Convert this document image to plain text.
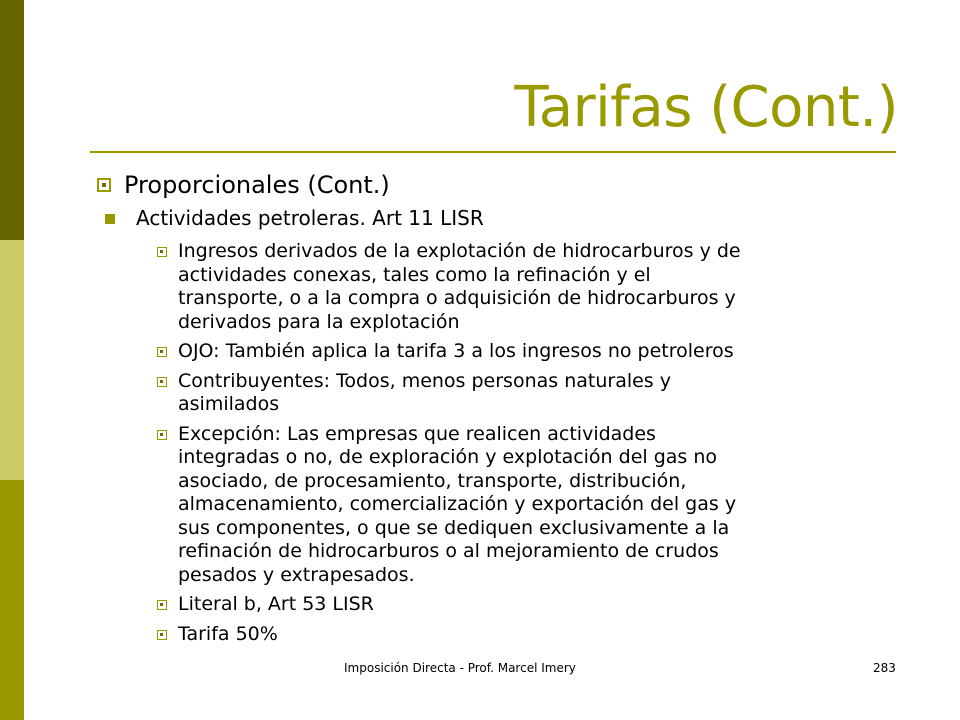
Tarifas (Cont.)
Proporcionales (Cont.)
Actividades petroleras. Art 11 LISR
Ingresos derivados de la explotación de hidrocarburos y de
actividades conexas, tales como la refinación y el
transporte, o a la compra o adquisición de hidrocarburos y
derivados para la explotación
OJO: También aplica la tarifa 3 a los ingresos no petroleros
Contribuyentes: Todos, menos personas naturales y
asimilados
Excepción: Las empresas que realicen actividades
integradas o no, de exploración y explotación del gas no
asociado, de procesamiento, transporte, distribución,
almacenamiento, comercialización y exportación del gas y
sus componentes, o que se dediquen exclusivamente a la
refinación de hidrocarburos o al mejoramiento de crudos
pesados y extrapesados.
Literal b, Art 53 LISR
Tarifa 50%
Imposición Directa - Prof. Marcel Imery	283
